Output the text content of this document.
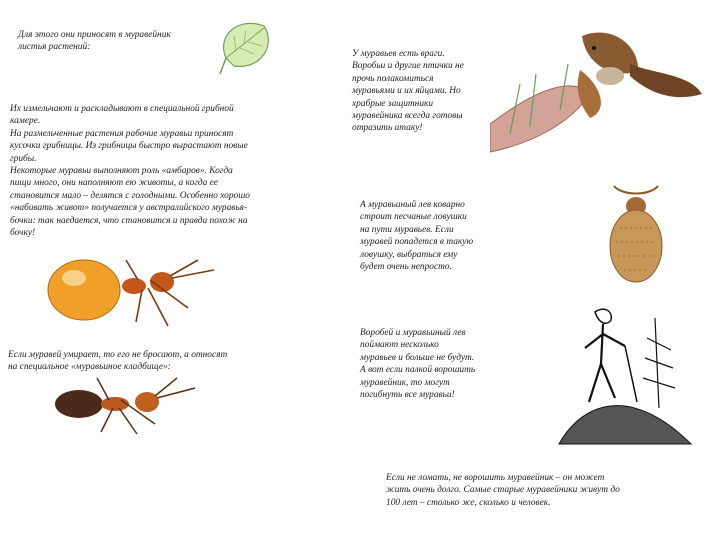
Для этого они приносят в муравейник
листья растений:

Их измельчают и раскладывают в специальной грибной
камере.
На размельченные растения рабочие муравьи приносят
кусочки грибницы. Из грибницы быстро вырастают новые
грибы.
Некоторые муравьи выполняют роль «амбаров». Когда
пищи много, они наполняют ею животы, а когда ее
становится мало – делятся с голодными. Особенно хорошо
«набивать живот» получается у австралийского муравья-
бочки: так наедается, что становится и правда похож на
бочку!

Если муравей умирает, то его не бросают, а относят
на специальное «муравьиное кладбище»:

У муравьев есть враги.
Воробьи и другие птички не
прочь полакомиться
муравьями и их яйцами. Но
храбрые защитники
муравейника всегда готовы
отразить атаку!

А муравьиный лев коварно
строит песчаные ловушки
на пути муравьев. Если
муравей попадется в такую
ловушку, выбраться ему
будет очень непросто.

Воробей и муравьиный лев
поймают несколько
муравьев и больше не будут.
А вот если палкой ворошить
муравейник, то могут
погибнуть все муравьи!

Если не ломать, не ворошить муравейник – он может
жить очень долго. Самые старые муравейники живут до
100 лет – столько же, сколько и человек.
